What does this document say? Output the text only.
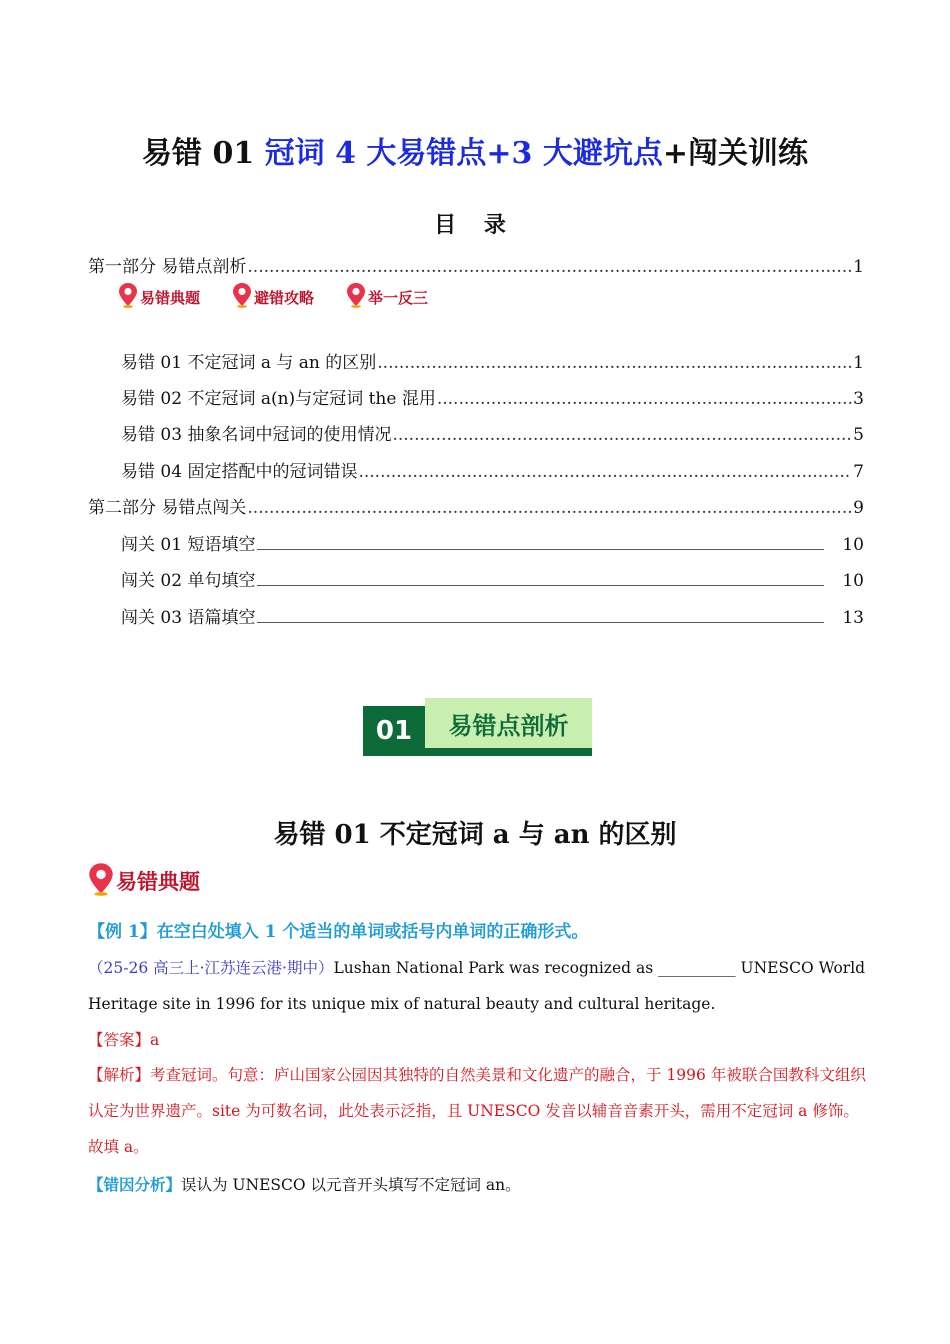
易错 01 冠词 4 大易错点+3 大避坑点+闯关训练
目 录
第一部分 易错点剖析 .....	1
易错典题	避错攻略	举一反三
易错 01 不定冠词 a 与 an 的区别 .....	1
易错 02 不定冠词 a(n)与定冠词 the 混用 .....	3
易错 03 抽象名词中冠词的使用情况 .....	5
易错 04 固定搭配中的冠词错误 .....	7
第二部分 易错点闯关 .....	9
闯关 01 短语填空	10
闯关 02 单句填空	10
闯关 03 语篇填空	13
01	易错点剖析
易错 01 不定冠词 a 与 an 的区别
易错典题
【例 1】在空白处填入 1 个适当的单词或括号内单词的正确形式。
（25-26 高三上·江苏连云港·期中）Lushan National Park was recognized as __________ UNESCO World Heritage site in 1996 for its unique mix of natural beauty and cultural heritage.
【答案】a
【解析】考查冠词。句意：庐山国家公园因其独特的自然美景和文化遗产的融合，于 1996 年被联合国教科文组织认定为世界遗产。site 为可数名词，此处表示泛指，且 UNESCO 发音以辅音音素开头，需用不定冠词 a 修饰。故填 a。
【错因分析】误认为 UNESCO 以元音开头填写不定冠词 an。
